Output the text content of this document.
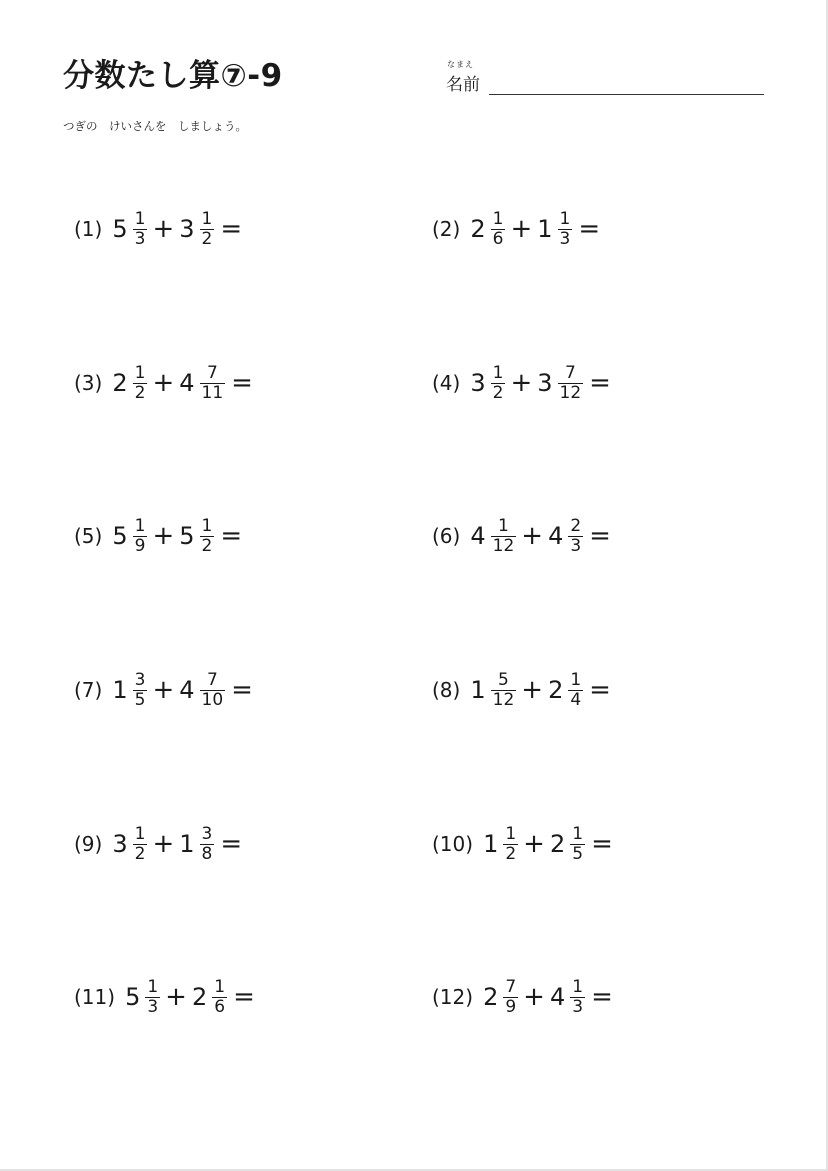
分数たし算⑦-9	なまえ
名前
つぎの　けいさんを　しましょう。
(1) $5 \frac{1}{3} + 3 \frac{1}{2}$ =	(2) $2 \frac{1}{6} + 1 \frac{1}{3}$ =
(3) $2 \frac{1}{2} + 4 \frac{7}{11}$ =	(4) $3 \frac{1}{2} + 3 \frac{7}{12}$ =
(5) $5 \frac{1}{9} + 5 \frac{1}{2}$ =	(6) $4 \frac{1}{12} + 4 \frac{2}{3}$ =
(7) $1 \frac{3}{5} + 4 \frac{7}{10}$ =	(8) $1 \frac{5}{12} + 2 \frac{1}{4}$ =
(9) $3 \frac{1}{2} + 1 \frac{3}{8}$ =	(10) $1 \frac{1}{2} + 2 \frac{1}{5}$ =
(11) $5 \frac{1}{3} + 2 \frac{1}{6}$ =	(12) $2 \frac{7}{9} + 4 \frac{1}{3}$ =
